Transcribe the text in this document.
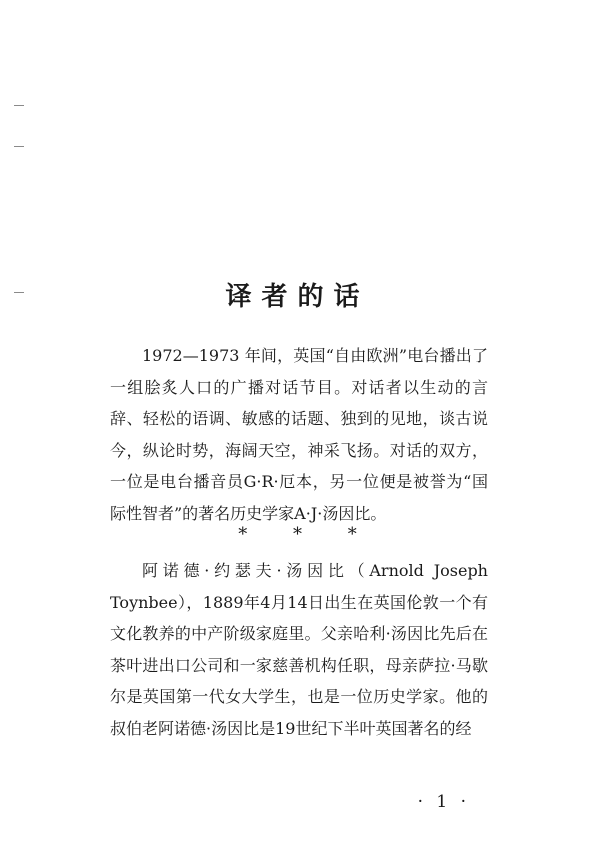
译者的话

1972—1973 年间，英国“自由欧洲”电台播出了一组脍炙人口的广播对话节目。对话者以生动的言辞、轻松的语调、敏感的话题、独到的见地，谈古说今，纵论时势，海阔天空，神采飞扬。对话的双方，一位是电台播音员G·R·厄本，另一位便是被誉为“国际性智者”的著名历史学家A·J·汤因比。

* * *

阿诺德·约瑟夫·汤因比（Arnold Joseph Toynbee），1889年4月14日出生在英国伦敦一个有文化教养的中产阶级家庭里。父亲哈利·汤因比先后在茶叶进出口公司和一家慈善机构任职，母亲萨拉·马歇尔是英国第一代女大学生，也是一位历史学家。他的叔伯老阿诺德·汤因比是19世纪下半叶英国著名的经

· 1 ·
